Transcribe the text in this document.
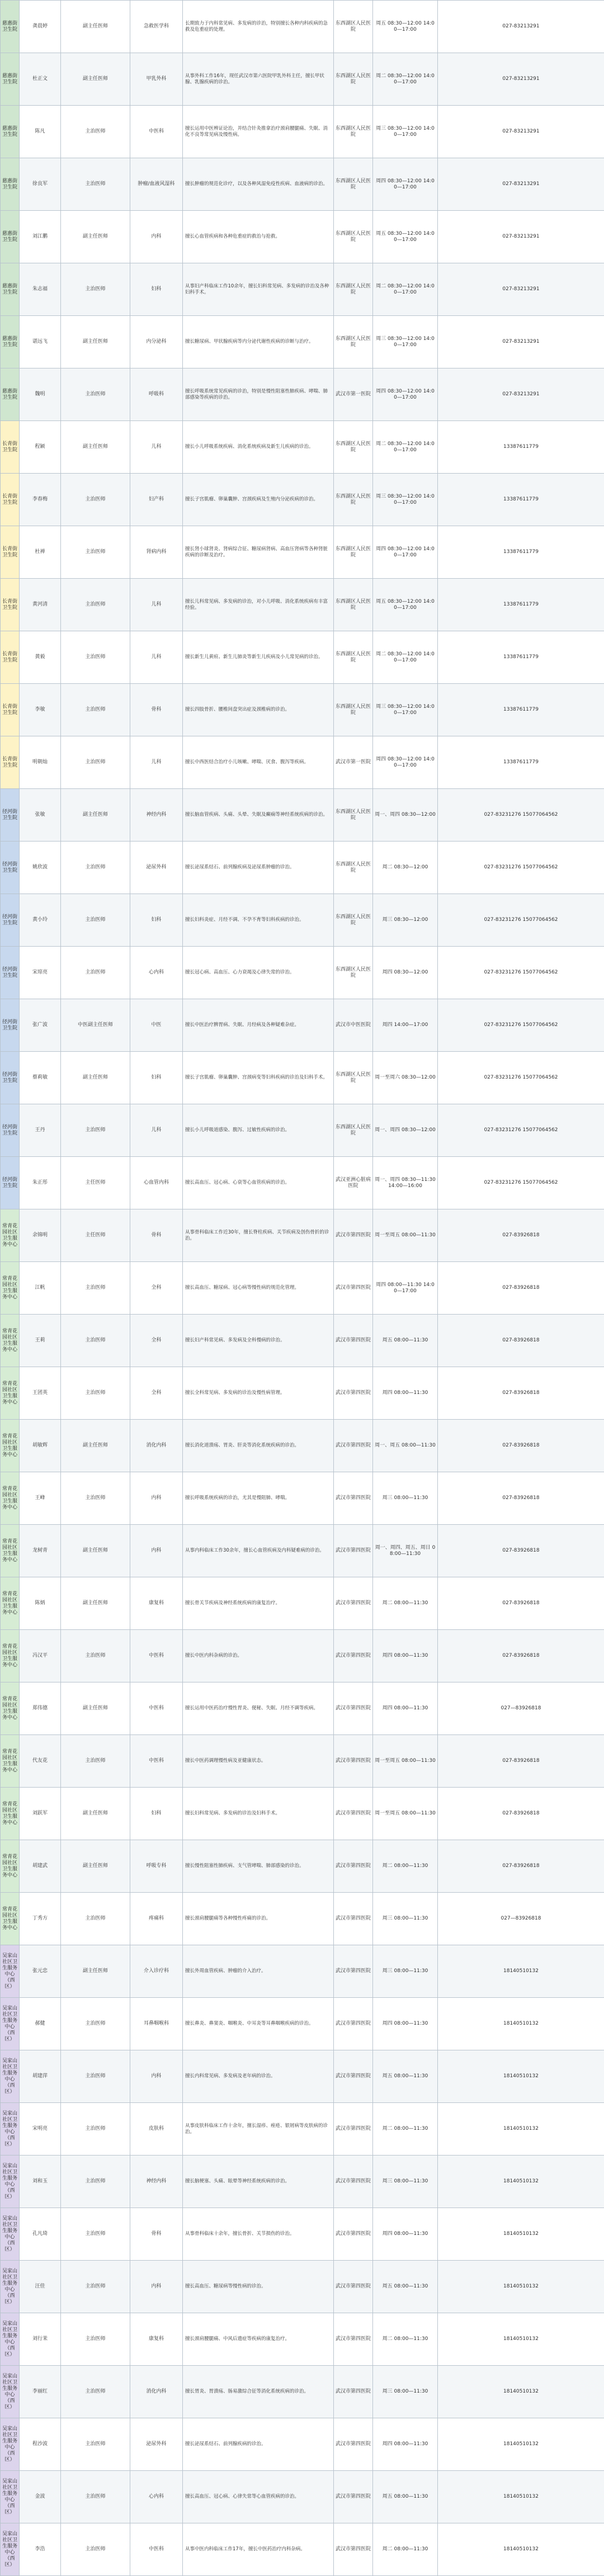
慈惠街卫生院	龚晨婷	副主任医师	急救医学科	长期致力于内科常见病、多发病的诊治，特别擅长各种内科疾病的急救及危重症的处理。	东西湖区人民医院	周五 08:30—12:00 14:00—17:00	027-83213291
慈惠街卫生院	杜正文	副主任医师	甲乳外科	从事外科工作16年，现任武汉市第六医院甲乳外科主任，擅长甲状腺、乳腺疾病的诊治。	东西湖区人民医院	周二 08:30—12:00 14:00—17:00	027-83213291
慈惠街卫生院	陈凡	主治医师	中医科	擅长运用中医辨证论治，并结合针灸推拿治疗颈肩腰腿痛、失眠、消化不良等常见病及慢性病。	东西湖区人民医院	周三 08:30—12:00 14:00—17:00	027-83213291
慈惠街卫生院	徐良军	主治医师	肿瘤/血液风湿科	擅长肿瘤的规范化诊疗，以及各种风湿免疫性疾病、血液病的诊治。	东西湖区人民医院	周四 08:30—12:00 14:00—17:00	027-83213291
慈惠街卫生院	刘江鹏	副主任医师	内科	擅长心血管疾病和各种危重症的救治与抢救。	东西湖区人民医院	周五 08:30—12:00 14:00—17:00	027-83213291
慈惠街卫生院	朱志福	主治医师	妇科	从事妇产科临床工作10余年，擅长妇科常见病、多发病的诊治及各种妇科手术。	东西湖区人民医院	周二 08:30—12:00 14:00—17:00	027-83213291
慈惠街卫生院	谌远飞	副主任医师	内分泌科	擅长糖尿病、甲状腺疾病等内分泌代谢性疾病的诊断与治疗。	东西湖区人民医院	周三 08:30—12:00 14:00—17:00	027-83213291
慈惠街卫生院	魏明	主治医师	呼吸科	擅长呼吸系统常见疾病的诊治，特别是慢性阻塞性肺疾病、哮喘、肺部感染等疾病的诊治。	武汉市第一医院	周四 08:30—12:00 14:00—17:00	027-83213291
长青街卫生院	程颖	副主任医师	儿科	擅长小儿呼吸系统疾病、消化系统疾病及新生儿疾病的诊治。	东西湖区人民医院	周二 08:30—12:00 14:00—17:00	13387611779
长青街卫生院	李春梅	主治医师	妇产科	擅长子宫肌瘤、卵巢囊肿、宫颈疾病及生殖内分泌疾病的诊治。	东西湖区人民医院	周三 08:30—12:00 14:00—17:00	13387611779
长青街卫生院	杜禅	主治医师	肾病内科	擅长肾小球肾炎、肾病综合征、糖尿病肾病、高血压肾病等各种肾脏疾病的诊断及治疗。	东西湖区人民医院	周四 08:30—12:00 14:00—17:00	13387611779
长青街卫生院	黄河清	主治医师	儿科	擅长儿科常见病、多发病的诊治，对小儿呼吸、消化系统疾病有丰富经验。	东西湖区人民医院	周五 08:30—12:00 14:00—17:00	13387611779
长青街卫生院	黄毅	主治医师	儿科	擅长新生儿黄疸、新生儿肺炎等新生儿疾病及小儿常见病的诊治。	东西湖区人民医院	周二 08:30—12:00 14:00—17:00	13387611779
长青街卫生院	李敏	主治医师	骨科	擅长四肢骨折、腰椎间盘突出症及颈椎病的诊治。	东西湖区人民医院	周三 08:30—12:00 14:00—17:00	13387611779
长青街卫生院	明朝灿	主治医师	儿科	擅长中西医结合治疗小儿咳嗽、哮喘、厌食、腹泻等疾病。	武汉市第一医院	周四 08:30—12:00 14:00—17:00	13387611779
径河街卫生院	张敏	副主任医师	神经内科	擅长脑血管疾病、头痛、头晕、失眠及癫痫等神经系统疾病的诊治。	东西湖区人民医院	周一、周四 08:30—12:00	027-83231276 15077064562
径河街卫生院	姚欣波	主治医师	泌尿外科	擅长泌尿系结石、前列腺疾病及泌尿系肿瘤的诊治。	东西湖区人民医院	周二 08:30—12:00	027-83231276 15077064562
径河街卫生院	黄小玲	主治医师	妇科	擅长妇科炎症、月经不调、不孕不育等妇科疾病的诊治。	东西湖区人民医院	周三 08:30—12:00	027-83231276 15077064562
径河街卫生院	宋琼亮	主治医师	心内科	擅长冠心病、高血压、心力衰竭及心律失常的诊治。	东西湖区人民医院	周四 08:30—12:00	027-83231276 15077064562
径河街卫生院	张广波	中医副主任医师	中医	擅长中医治疗脾胃病、失眠、月经病及各种疑难杂症。	武汉市中医医院	周四 14:00—17:00	027-83231276 15077064562
径河街卫生院	蔡莉敏	副主任医师	妇科	擅长子宫肌瘤、卵巢囊肿、宫颈病变等妇科疾病的诊治及妇科手术。	东西湖区人民医院	周一至周六 08:30—12:00	027-83231276 15077064562
径河街卫生院	王丹	主治医师	儿科	擅长小儿呼吸道感染、腹泻、过敏性疾病的诊治。	东西湖区人民医院	周一、周四 08:30—12:00	027-83231276 15077064562
径河街卫生院	朱正彤	主任医师	心血管内科	擅长高血压、冠心病、心衰等心血管疾病的诊治。	武汉亚洲心脏病医院	周一、周四 08:30—11:30 14:00—16:00	027-83231276 15077064562
常青花园社区卫生服务中心	余锦明	主任医师	骨科	从事骨科临床工作近30年，擅长脊柱疾病、关节疾病及创伤骨折的诊治。	武汉市第四医院	周一至周五 08:00—11:30	027-83926818
常青花园社区卫生服务中心	江帆	主治医师	全科	擅长高血压、糖尿病、冠心病等慢性病的规范化管理。	武汉市第四医院	周四 08:00—11:30 14:00—17:00	027-83926818
常青花园社区卫生服务中心	王莉	主治医师	全科	擅长妇产科常见病、多发病及全科慢病的诊治。	武汉市第四医院	周五 08:00—11:30	027-83926818
常青花园社区卫生服务中心	王团英	主治医师	全科	擅长全科常见病、多发病的诊治及慢性病管理。	武汉市第四医院	周四 08:00—11:30	027-83926818
常青花园社区卫生服务中心	胡敏辉	副主任医师	消化内科	擅长消化道溃疡、胃炎、肝炎等消化系统疾病的诊治。	武汉市第四医院	周一、周五 08:00—11:30	027-83926818
常青花园社区卫生服务中心	王峰	主治医师	内科	擅长呼吸系统疾病的诊治，尤其是慢阻肺、哮喘。	武汉市第四医院	周三 08:00—11:30	027-83926818
常青花园社区卫生服务中心	龙树青	副主任医师	内科	从事内科临床工作30余年，擅长心血管疾病及内科疑难病的诊治。	武汉市第四医院	周一、周四、周五、周日 08:00—11:30	027-83926818
常青花园社区卫生服务中心	陈炳	副主任医师	康复科	擅长骨关节疾病及神经系统疾病的康复治疗。	武汉市第四医院	周二 08:00—11:30	027-83926818
常青花园社区卫生服务中心	冯汉平	主治医师	中医科	擅长中医内科杂病的诊治。	武汉市第四医院	周四 08:00—11:30	027-83926818
常青花园社区卫生服务中心	郑伟德	副主任医师	中医科	擅长运用中医药治疗慢性胃炎、便秘、失眠、月经不调等疾病。	武汉市第四医院	周四 08:00—11:30	027—83926818
常青花园社区卫生服务中心	代友花	主治医师	中医科	擅长中医药调理慢性病及亚健康状态。	武汉市第四医院	周一至周五 08:00—11:30	027-83926818
常青花园社区卫生服务中心	刘跃军	副主任医师	妇科	擅长妇科常见病、多发病的诊治及妇科手术。	武汉市第四医院	周一至周五 08:00—11:30	027-83926818
常青花园社区卫生服务中心	胡建武	副主任医师	呼吸专科	擅长慢性阻塞性肺疾病、支气管哮喘、肺部感染的诊治。	武汉市第四医院	周二 08:00—11:30	027-83926818
常青花园社区卫生服务中心	丁秀方	主治医师	疼痛科	擅长颈肩腰腿痛等各种慢性疼痛的诊治。	武汉市第四医院	周三 08:00—11:30	027—83926818
吴家山社区卫生服务中心（西区）	张元忠	副主任医师	介入诊疗科	擅长外周血管疾病、肿瘤的介入治疗。	武汉市第四医院	周三 08:00—11:30	18140510132
吴家山社区卫生服务中心（西区）	郝健	主治医师	耳鼻咽喉科	擅长鼻炎、鼻窦炎、咽喉炎、中耳炎等耳鼻咽喉疾病的诊治。	武汉市第四医院	周四 08:00—11:30	18140510132
吴家山社区卫生服务中心（西区）	胡建萍	主治医师	内科	擅长内科常见病、多发病及老年病的诊治。	武汉市第四医院	周五 08:00—11:30	18140510132
吴家山社区卫生服务中心（西区）	宋明亮	主治医师	皮肤科	从事皮肤科临床工作十余年，擅长湿疹、痤疮、银屑病等皮肤病的诊治。	武汉市第四医院	周二 08:00—11:30	18140510132
吴家山社区卫生服务中心（西区）	刘和玉	主治医师	神经内科	擅长脑梗塞、头痛、眩晕等神经系统疾病的诊治。	武汉市第四医院	周三 08:00—11:30	18140510132
吴家山社区卫生服务中心（西区）	孔凡琦	主治医师	骨科	从事骨科临床十余年，擅长骨折、关节损伤的诊治。	武汉市第四医院	周四 08:00—11:30	18140510132
吴家山社区卫生服务中心（西区）	汪佳	主治医师	内科	擅长高血压、糖尿病等慢性病的诊治。	武汉市第四医院	周五 08:00—11:30	18140510132
吴家山社区卫生服务中心（西区）	刘行茉	主治医师	康复科	擅长颈肩腰腿痛、中风后遗症等疾病的康复治疗。	武汉市第四医院	周二 08:00—11:30	18140510132
吴家山社区卫生服务中心（西区）	李丽红	主治医师	消化内科	擅长胃炎、胃溃疡、肠易激综合征等消化系统疾病的诊治。	武汉市第四医院	周三 08:00—11:30	18140510132
吴家山社区卫生服务中心（西区）	程沙波	主治医师	泌尿外科	擅长泌尿系结石、前列腺疾病的诊治。	武汉市第四医院	周四 08:00—11:30	18140510132
吴家山社区卫生服务中心（西区）	金波	主治医师	心内科	擅长高血压、冠心病、心律失常等心血管疾病的诊治。	武汉市第四医院	周五 08:00—11:30	18140510132
吴家山社区卫生服务中心（西区）	李浩	主治医师	中医科	从事中医内科临床工作17年，擅长中医药治疗内科杂病。	武汉市第四医院	周二 08:00—11:30	18140510132
